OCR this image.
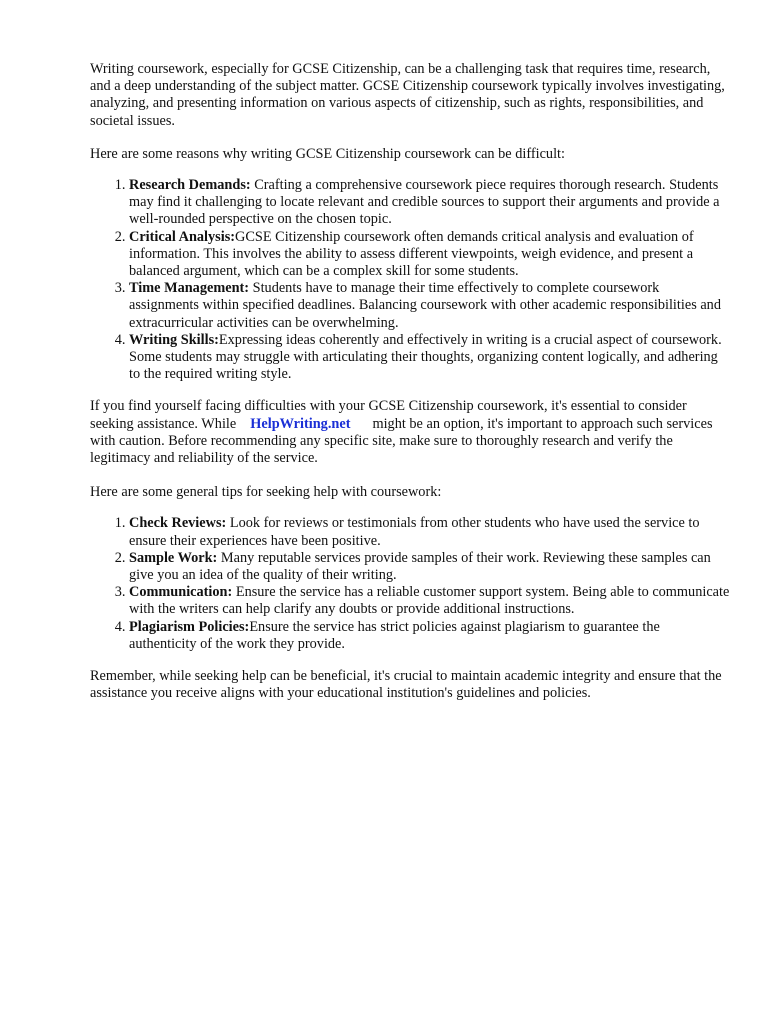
Writing coursework, especially for GCSE Citizenship, can be a challenging task that requires time, research, and a deep understanding of the subject matter. GCSE Citizenship coursework typically involves investigating, analyzing, and presenting information on various aspects of citizenship, such as rights, responsibilities, and societal issues.

Here are some reasons why writing GCSE Citizenship coursework can be difficult:

1. Research Demands: Crafting a comprehensive coursework piece requires thorough research. Students may find it challenging to locate relevant and credible sources to support their arguments and provide a well-rounded perspective on the chosen topic.
2. Critical Analysis:GCSE Citizenship coursework often demands critical analysis and evaluation of information. This involves the ability to assess different viewpoints, weigh evidence, and present a balanced argument, which can be a complex skill for some students.
3. Time Management: Students have to manage their time effectively to complete coursework assignments within specified deadlines. Balancing coursework with other academic responsibilities and extracurricular activities can be overwhelming.
4. Writing Skills:Expressing ideas coherently and effectively in writing is a crucial aspect of coursework. Some students may struggle with articulating their thoughts, organizing content logically, and adhering to the required writing style.

If you find yourself facing difficulties with your GCSE Citizenship coursework, it's essential to consider seeking assistance. While HelpWriting.net might be an option, it's important to approach such services with caution. Before recommending any specific site, make sure to thoroughly research and verify the legitimacy and reliability of the service.

Here are some general tips for seeking help with coursework:

1. Check Reviews: Look for reviews or testimonials from other students who have used the service to ensure their experiences have been positive.
2. Sample Work: Many reputable services provide samples of their work. Reviewing these samples can give you an idea of the quality of their writing.
3. Communication: Ensure the service has a reliable customer support system. Being able to communicate with the writers can help clarify any doubts or provide additional instructions.
4. Plagiarism Policies:Ensure the service has strict policies against plagiarism to guarantee the authenticity of the work they provide.

Remember, while seeking help can be beneficial, it's crucial to maintain academic integrity and ensure that the assistance you receive aligns with your educational institution's guidelines and policies.
